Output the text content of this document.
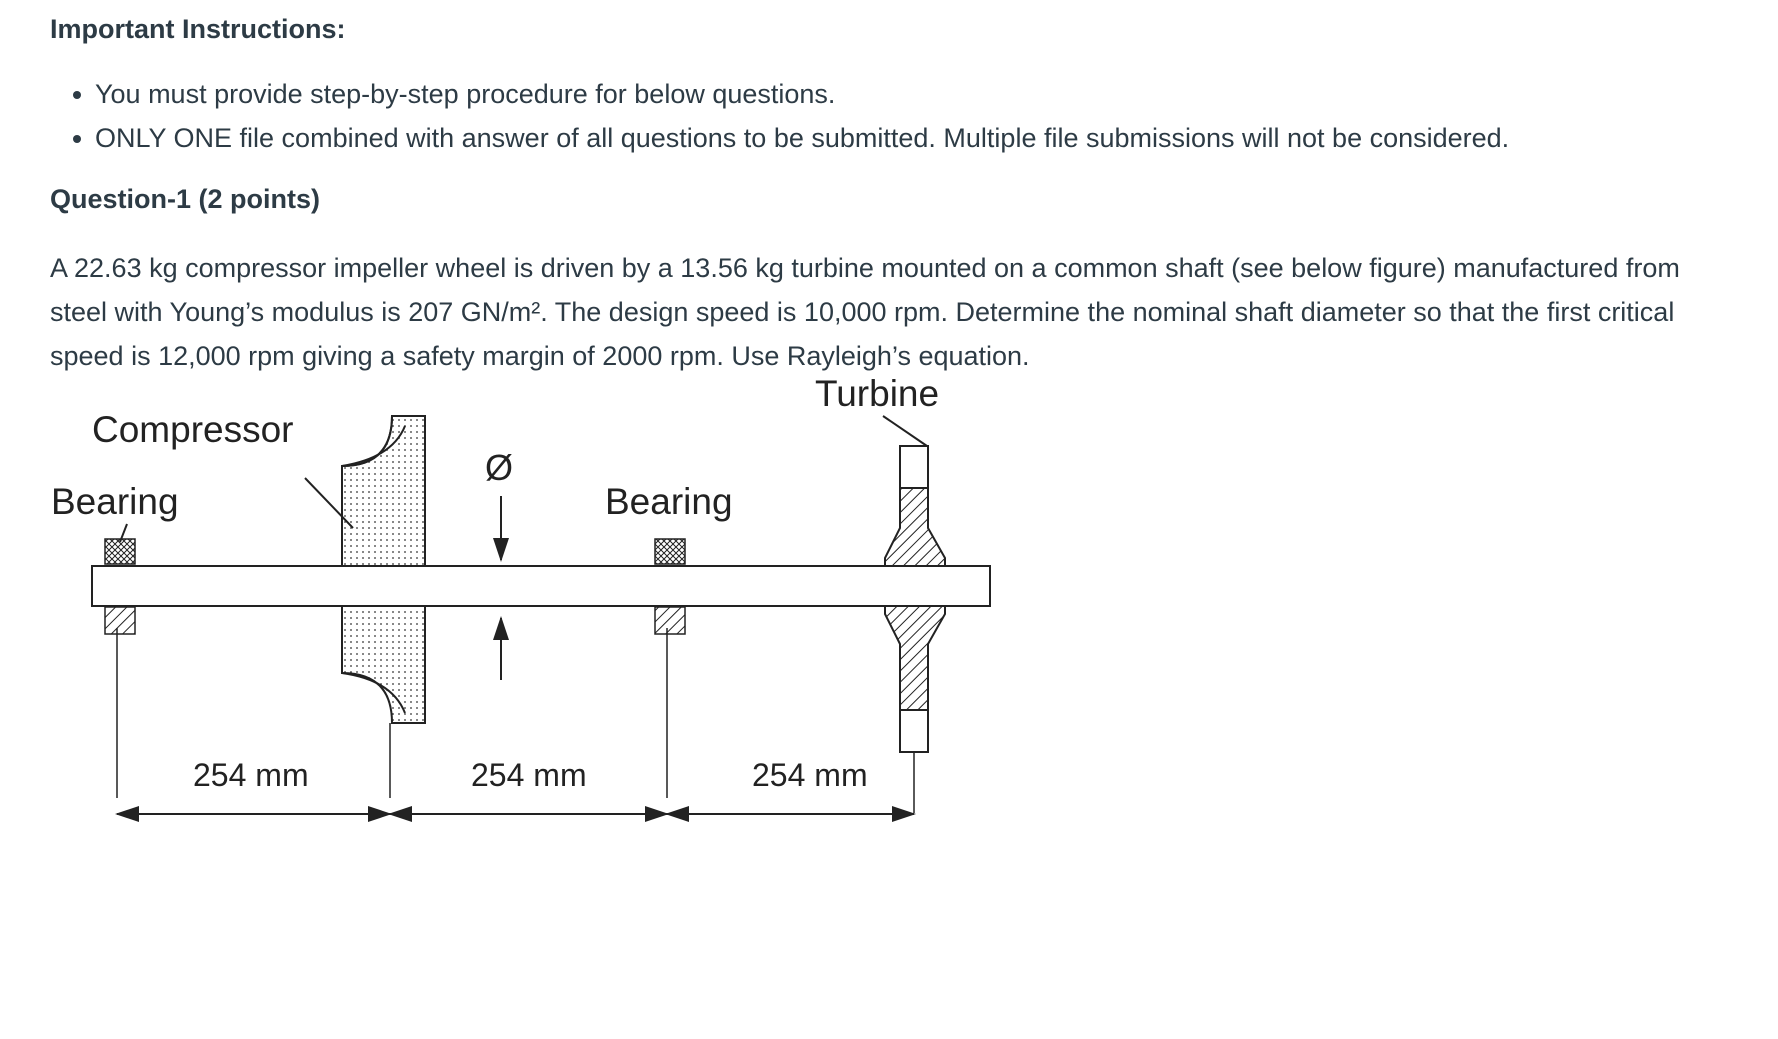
Important Instructions:
You must provide step-by-step procedure for below questions.
ONLY ONE file combined with answer of all questions to be submitted. Multiple file submissions will not be considered.
Question-1 (2 points)

A 22.63 kg compressor impeller wheel is driven by a 13.56 kg turbine mounted on a common shaft (see below figure) manufactured from steel with Young’s modulus is 207 GN/m². The design speed is 10,000 rpm. Determine the nominal shaft diameter so that the first critical speed is 12,000 rpm giving a safety margin of 2000 rpm. Use Rayleigh’s equation.

Compressor
Turbine
Bearing	Bearing
Ø
254 mm	254 mm	254 mm
